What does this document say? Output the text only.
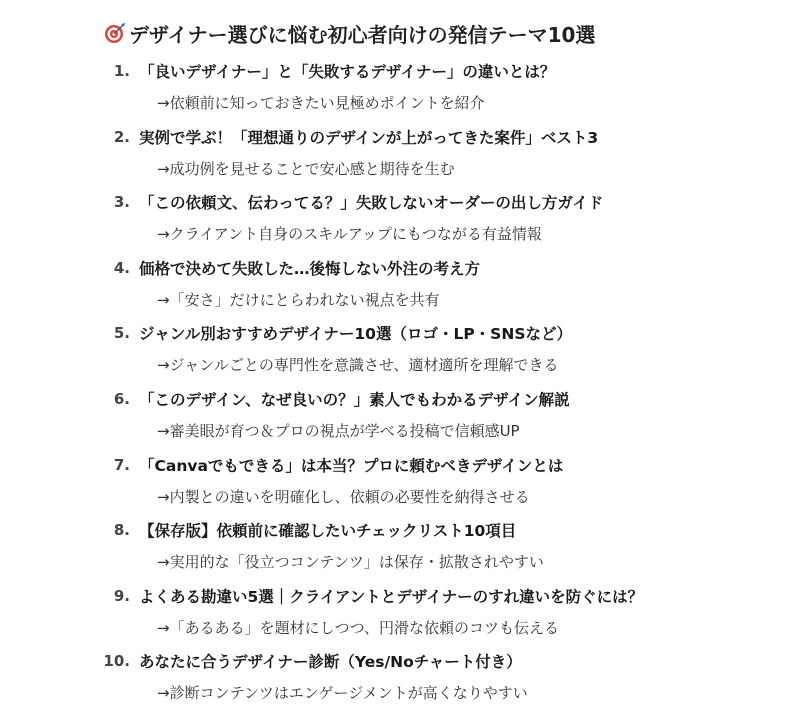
デザイナー選びに悩む初心者向けの発信テーマ10選
1. 「良いデザイナー」と「失敗するデザイナー」の違いとは？
→依頼前に知っておきたい見極めポイントを紹介
2. 実例で学ぶ！「理想通りのデザインが上がってきた案件」ベスト3
→成功例を見せることで安心感と期待を生む
3. 「この依頼文、伝わってる？」失敗しないオーダーの出し方ガイド
→クライアント自身のスキルアップにもつながる有益情報
4. 価格で決めて失敗した…後悔しない外注の考え方
→「安さ」だけにとらわれない視点を共有
5. ジャンル別おすすめデザイナー10選（ロゴ・LP・SNSなど）
→ジャンルごとの専門性を意識させ、適材適所を理解できる
6. 「このデザイン、なぜ良いの？」素人でもわかるデザイン解説
→審美眼が育つ＆プロの視点が学べる投稿で信頼感UP
7. 「Canvaでもできる」は本当？プロに頼むべきデザインとは
→内製との違いを明確化し、依頼の必要性を納得させる
8. 【保存版】依頼前に確認したいチェックリスト10項目
→実用的な「役立つコンテンツ」は保存・拡散されやすい
9. よくある勘違い5選｜クライアントとデザイナーのすれ違いを防ぐには？
→「あるある」を題材にしつつ、円滑な依頼のコツも伝える
10. あなたに合うデザイナー診断（Yes/Noチャート付き）
→診断コンテンツはエンゲージメントが高くなりやすい
